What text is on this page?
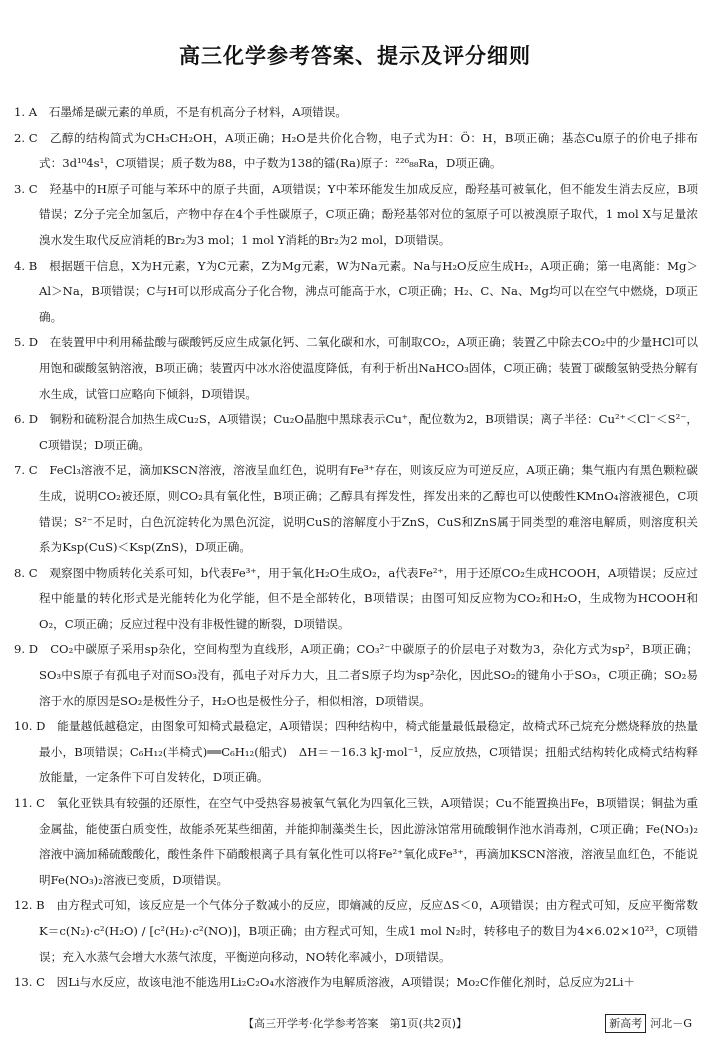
高三化学参考答案、提示及评分细则

1. A　 石墨烯是碳元素的单质，不是有机高分子材料，A项错误。

2. C　 乙醇的结构简式为CH₃CH₂OH，A项正确；H₂O是共价化合物，电子式为H：Ö：H，B项正确；基态Cu原子的价电子排布式：3d¹⁰4s¹，C项错误；质子数为88，中子数为138的镭(Ra)原子：²²⁶₈₈Ra，D项正确。

3. C　 羟基中的H原子可能与苯环中的原子共面，A项错误；Y中苯环能发生加成反应，酚羟基可被氧化，但不能发生消去反应，B项错误；Z分子完全加氢后，产物中存在4个手性碳原子，C项正确；酚羟基邻对位的氢原子可以被溴原子取代，1 mol X与足量浓溴水发生取代反应消耗的Br₂为3 mol；1 mol Y消耗的Br₂为2 mol，D项错误。

4. B　 根据题干信息，X为H元素，Y为C元素，Z为Mg元素，W为Na元素。Na与H₂O反应生成H₂，A项正确；第一电离能：Mg＞Al＞Na，B项错误；C与H可以形成高分子化合物，沸点可能高于水，C项正确；H₂、C、Na、Mg均可以在空气中燃烧，D项正确。

5. D　 在装置甲中利用稀盐酸与碳酸钙反应生成氯化钙、二氧化碳和水，可制取CO₂，A项正确；装置乙中除去CO₂中的少量HCl可以用饱和碳酸氢钠溶液，B项正确；装置丙中冰水浴使温度降低，有利于析出NaHCO₃固体，C项正确；装置丁碳酸氢钠受热分解有水生成，试管口应略向下倾斜，D项错误。

6. D　 铜粉和硫粉混合加热生成Cu₂S，A项错误；Cu₂O晶胞中黑球表示Cu⁺，配位数为2，B项错误；离子半径：Cu²⁺＜Cl⁻＜S²⁻，C项错误；D项正确。

7. C　 FeCl₃溶液不足，滴加KSCN溶液，溶液呈血红色，说明有Fe³⁺存在，则该反应为可逆反应，A项正确；集气瓶内有黑色颗粒碳生成，说明CO₂被还原，则CO₂具有氧化性，B项正确；乙醇具有挥发性，挥发出来的乙醇也可以使酸性KMnO₄溶液褪色，C项错误；S²⁻不足时，白色沉淀转化为黑色沉淀，说明CuS的溶解度小于ZnS，CuS和ZnS属于同类型的难溶电解质，则溶度积关系为Ksp(CuS)＜Ksp(ZnS)，D项正确。

8. C　 观察图中物质转化关系可知，b代表Fe³⁺，用于氧化H₂O生成O₂，a代表Fe²⁺，用于还原CO₂生成HCOOH，A项错误；反应过程中能量的转化形式是光能转化为化学能，但不是全部转化，B项错误；由图可知反应物为CO₂和H₂O，生成物为HCOOH和O₂，C项正确；反应过程中没有非极性键的断裂，D项错误。

9. D　 CO₂中碳原子采用sp杂化，空间构型为直线形，A项正确；CO₃²⁻中碳原子的价层电子对数为3，杂化方式为sp²，B项正确；SO₃中S原子有孤电子对而SO₃没有，孤电子对斥力大，且二者S原子均为sp²杂化，因此SO₂的键角小于SO₃，C项正确；SO₂易溶于水的原因是SO₂是极性分子，H₂O也是极性分子，相似相溶，D项错误。

10. D　 能量越低越稳定，由图象可知椅式最稳定，A项错误；四种结构中，椅式能量最低最稳定，故椅式环己烷充分燃烧释放的热量最小，B项错误；C₆H₁₂(半椅式)══C₆H₁₂(船式)　ΔH＝－16.3 kJ·mol⁻¹，反应放热，C项错误；扭船式结构转化成椅式结构释放能量，一定条件下可自发转化，D项正确。

11. C　 氧化亚铁具有较强的还原性，在空气中受热容易被氧气氧化为四氧化三铁，A项错误；Cu不能置换出Fe，B项错误；铜盐为重金属盐，能使蛋白质变性，故能杀死某些细菌，并能抑制藻类生长，因此游泳馆常用硫酸铜作池水消毒剂，C项正确；Fe(NO₃)₂溶液中滴加稀硫酸酸化，酸性条件下硝酸根离子具有氧化性可以将Fe²⁺氧化成Fe³⁺，再滴加KSCN溶液，溶液呈血红色，不能说明Fe(NO₃)₂溶液已变质，D项错误。

12. B　 由方程式可知，该反应是一个气体分子数减小的反应，即熵减的反应，反应ΔS＜0，A项错误；由方程式可知，反应平衡常数K＝c(N₂)·c²(H₂O) / [c²(H₂)·c²(NO)]，B项正确；由方程式可知，生成1 mol N₂时，转移电子的数目为4×6.02×10²³，C项错误；充入水蒸气会增大水蒸气浓度，平衡逆向移动，NO转化率减小，D项错误。

13. C　 因Li与水反应，故该电池不能选用Li₂C₂O₄水溶液作为电解质溶液，A项错误；Mo₂C作催化剂时，总反应为2Li＋

【高三开学考·化学参考答案　第1页(共2页)】	新高考 河北－G
